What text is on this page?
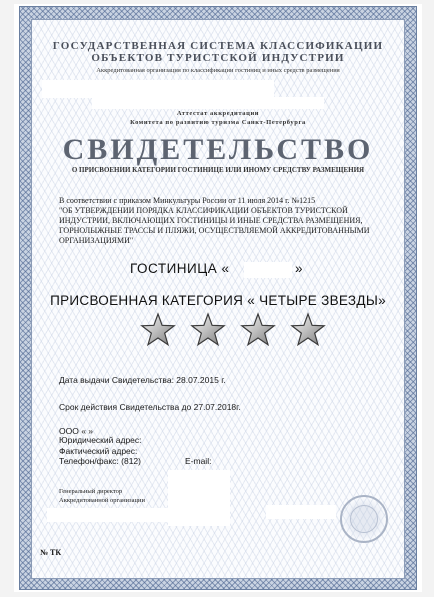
ГОСУДАРСТВЕННАЯ СИСТЕМА КЛАССИФИКАЦИИ
ОБЪЕКТОВ ТУРИСТСКОЙ ИНДУСТРИИ
Аккредитованная организация по классификации гостиниц и иных средств размещения
Аттестат аккредитации
Комитета по развитию туризма Санкт-Петербурга
СВИДЕТЕЛЬСТВО
О ПРИСВОЕНИИ КАТЕГОРИИ ГОСТИНИЦЕ ИЛИ ИНОМУ СРЕДСТВУ РАЗМЕЩЕНИЯ
В соответствии с приказом Минкультуры России от 11 июля 2014 г. №1215
"ОБ УТВЕРЖДЕНИИ ПОРЯДКА КЛАССИФИКАЦИИ ОБЪЕКТОВ ТУРИСТСКОЙ
ИНДУСТРИИ, ВКЛЮЧАЮЩИХ ГОСТИНИЦЫ И ИНЫЕ СРЕДСТВА РАЗМЕЩЕНИЯ,
ГОРНОЛЫЖНЫЕ ТРАССЫ И ПЛЯЖИ, ОСУЩЕСТВЛЯЕМОЙ АККРЕДИТОВАННЫМИ
ОРГАНИЗАЦИЯМИ"
ГОСТИНИЦА «	»
ПРИСВОЕННАЯ КАТЕГОРИЯ « ЧЕТЫРЕ ЗВЕЗДЫ»
Дата выдачи Свидетельства: 28.07.2015 г.
Срок действия Свидетельства до 27.07.2018г.
ООО « »
Юридический адрес:
Фактический адрес:
Телефон/факс: (812)	E-mail:
Генеральный директор
Аккредитованной организации
№ ТК
